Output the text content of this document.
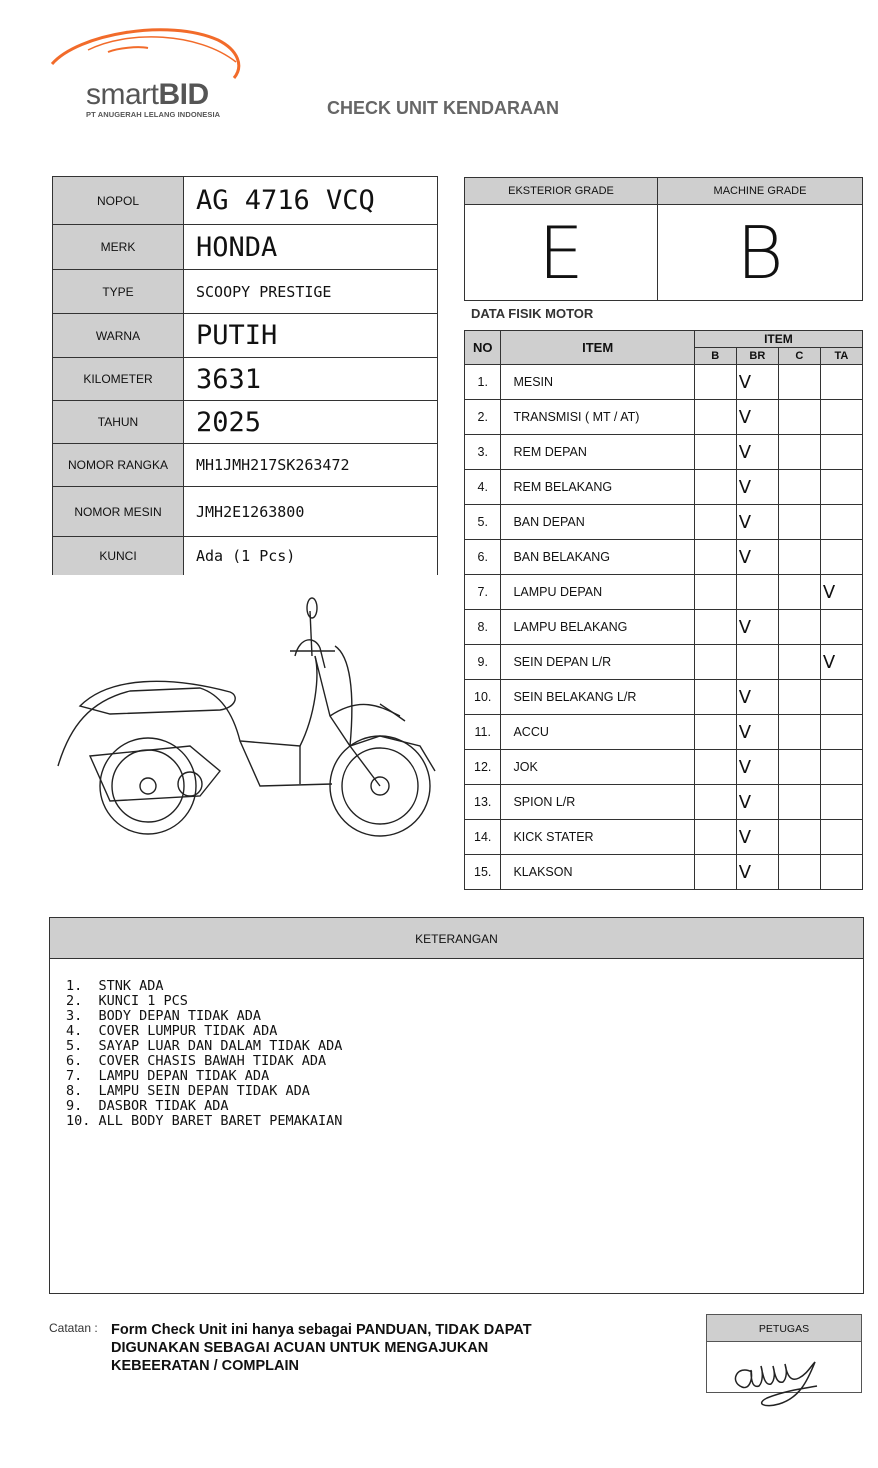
smartBID
PT ANUGERAH LELANG INDONESIA	CHECK UNIT KENDARAAN
NOPOL	AG 4716 VCQ
MERK	HONDA
TYPE	SCOOPY PRESTIGE
WARNA	PUTIH
KILOMETER	3631
TAHUN	2025
NOMOR RANGKA	MH1JMH217SK263472
NOMOR MESIN	JMH2E1263800
KUNCI	Ada (1 Pcs)
EKSTERIOR GRADE	MACHINE GRADE
E	B
DATA FISIK MOTOR
NO	ITEM	ITEM			
		B	BR	C	TA
1.	MESIN		V		
2.	TRANSMISI ( MT / AT)		V		
3.	REM DEPAN		V		
4.	REM BELAKANG		V		
5.	BAN DEPAN		V		
6.	BAN BELAKANG		V		
7.	LAMPU DEPAN				V
8.	LAMPU BELAKANG		V		
9.	SEIN DEPAN L/R				V
10.	SEIN BELAKANG L/R		V		
11.	ACCU		V		
12.	JOK		V		
13.	SPION L/R		V		
14.	KICK STATER		V		
15.	KLAKSON		V		
KETERANGAN
1.  STNK ADA
2.  KUNCI 1 PCS
3.  BODY DEPAN TIDAK ADA
4.  COVER LUMPUR TIDAK ADA
5.  SAYAP LUAR DAN DALAM TIDAK ADA
6.  COVER CHASIS BAWAH TIDAK ADA
7.  LAMPU DEPAN TIDAK ADA
8.  LAMPU SEIN DEPAN TIDAK ADA
9.  DASBOR TIDAK ADA
10. ALL BODY BARET BARET PEMAKAIAN
Catatan : Form Check Unit ini hanya sebagai PANDUAN, TIDAK DAPAT DIGUNAKAN SEBAGAI ACUAN UNTUK MENGAJUKAN KEBEERATAN / COMPLAIN
PETUGAS
